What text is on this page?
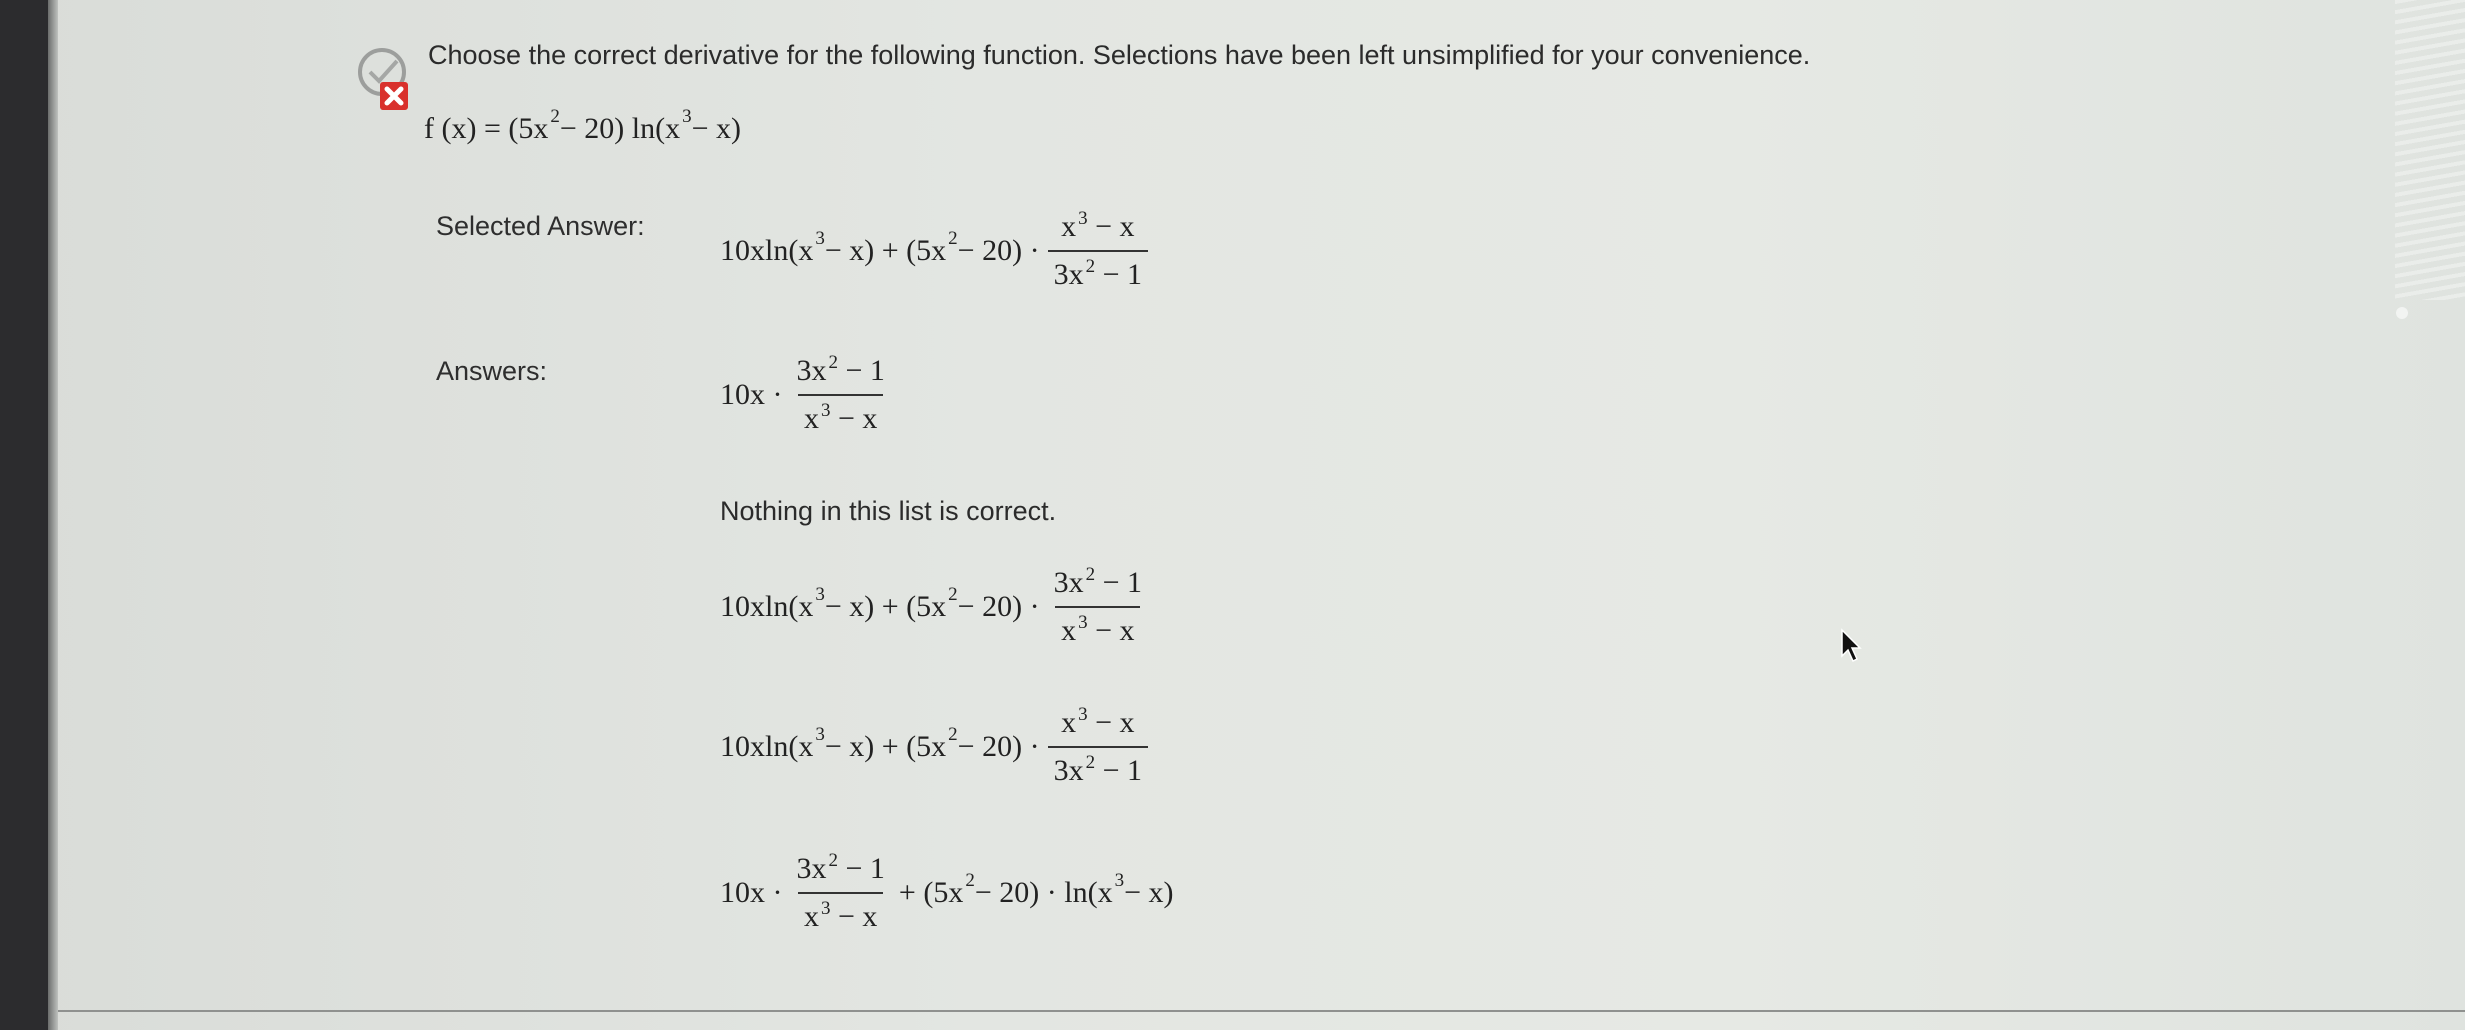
Choose the correct derivative for the following function. Selections have been left unsimplified for your convenience.
f $(x) = (5x^2 - 20) \ln(x^3 - x)$
Selected Answer:
$10xln(x^3 - x) + (5x^2 - 20) \cdot \frac{x ^3 - x}{3x ^2 - 1}$
Answers:
$10x \cdot \frac{3x ^2 - 1}{x ^3 - x}$
Nothing in this list is correct.
$10xln(x^3 - x) + (5x^2 - 20) \cdot \frac{3x ^2 - 1}{x ^3 - x}$
$10xln(x^3 - x) + (5x^2 - 20) \cdot \frac{x ^3 - x}{3x ^2 - 1}$
$10x \cdot \frac{3x ^2 - 1}{x ^3 - x} + (5x^2 - 20) \cdot \ln(x^3 - x)$
